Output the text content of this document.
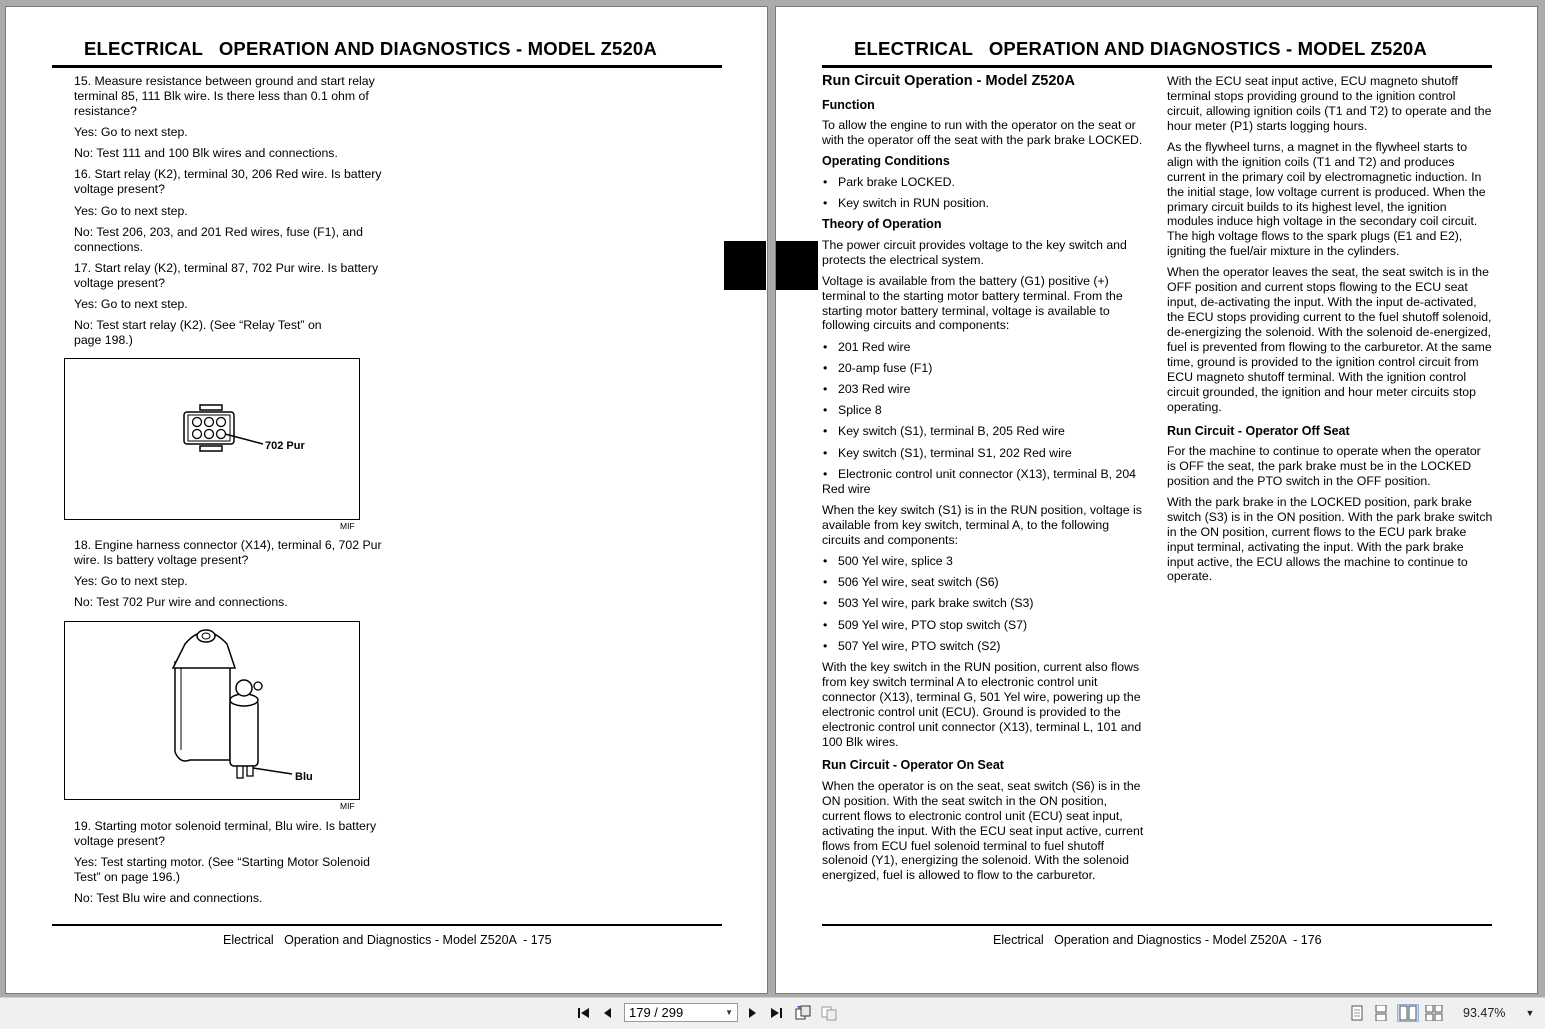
ELECTRICAL   OPERATION AND DIAGNOSTICS - MODEL Z520A

15. Measure resistance between ground and start relay terminal 85, 111 Blk wire. Is there less than 0.1 ohm of resistance?

Yes: Go to next step.

No: Test 111 and 100 Blk wires and connections.

16. Start relay (K2), terminal 30, 206 Red wire. Is battery voltage present?

Yes: Go to next step.

No: Test 206, 203, and 201 Red wires, fuse (F1), and connections.

17. Start relay (K2), terminal 87, 702 Pur wire. Is battery voltage present?

Yes: Go to next step.

No: Test start relay (K2). (See “Relay Test” on page 198.)

702 Pur
MIF

18. Engine harness connector (X14), terminal 6, 702 Pur wire. Is battery voltage present?

Yes: Go to next step.

No: Test 702 Pur wire and connections.

Blu
MIF

19. Starting motor solenoid terminal, Blu wire. Is battery voltage present?

Yes: Test starting motor. (See “Starting Motor Solenoid Test” on page 196.)

No: Test Blu wire and connections.

Electrical   Operation and Diagnostics - Model Z520A  - 175
ELECTRICAL   OPERATION AND DIAGNOSTICS - MODEL Z520A
Run Circuit Operation - Model Z520A
Function

To allow the engine to run with the operator on the seat or with the operator off the seat with the park brake LOCKED.

Operating Conditions
• Park brake LOCKED.
• Key switch in RUN position.
Theory of Operation

The power circuit provides voltage to the key switch and protects the electrical system.

Voltage is available from the battery (G1) positive (+) terminal to the starting motor battery terminal. From the starting motor battery terminal, voltage is available to following circuits and components:

• 201 Red wire
• 20-amp fuse (F1)
• 203 Red wire
• Splice 8
• Key switch (S1), terminal B, 205 Red wire
• Key switch (S1), terminal S1, 202 Red wire
• Electronic control unit connector (X13), terminal B, 204 Red wire

When the key switch (S1) is in the RUN position, voltage is available from key switch, terminal A, to the following circuits and components:

• 500 Yel wire, splice 3
• 506 Yel wire, seat switch (S6)
• 503 Yel wire, park brake switch (S3)
• 509 Yel wire, PTO stop switch (S7)
• 507 Yel wire, PTO switch (S2)

With the key switch in the RUN position, current also flows from key switch terminal A to electronic control unit connector (X13), terminal G, 501 Yel wire, powering up the electronic control unit (ECU). Ground is provided to the electronic control unit connector (X13), terminal L, 101 and 100 Blk wires.

Run Circuit - Operator On Seat

When the operator is on the seat, seat switch (S6) is in the ON position. With the seat switch in the ON position, current flows to electronic control unit (ECU) seat input, activating the input. With the ECU seat input active, current flows from ECU fuel solenoid terminal to fuel shutoff solenoid (Y1), energizing the solenoid. With the solenoid energized, fuel is allowed to flow to the carburetor.

With the ECU seat input active, ECU magneto shutoff terminal stops providing ground to the ignition control circuit, allowing ignition coils (T1 and T2) to operate and the hour meter (P1) starts logging hours.

As the flywheel turns, a magnet in the flywheel starts to align with the ignition coils (T1 and T2) and produces current in the primary coil by electromagnetic induction. In the initial stage, low voltage current is produced. When the primary circuit builds to its highest level, the ignition modules induce high voltage in the secondary coil circuit. The high voltage flows to the spark plugs (E1 and E2), igniting the fuel/air mixture in the cylinders.

When the operator leaves the seat, the seat switch is in the OFF position and current stops flowing to the ECU seat input, de-activating the input. With the input de-activated, the ECU stops providing current to the fuel shutoff solenoid, de-energizing the solenoid. With the solenoid de-energized, fuel is prevented from flowing to the carburetor. At the same time, ground is provided to the ignition control circuit from ECU magneto shutoff terminal. With the ignition control circuit grounded, the ignition and hour meter circuits stop operating.

Run Circuit - Operator Off Seat

For the machine to continue to operate when the operator is OFF the seat, the park brake must be in the LOCKED position and the PTO switch in the OFF position.

With the park brake in the LOCKED position, park brake switch (S3) is in the ON position. With the park brake switch in the ON position, current flows to the ECU park brake input terminal, activating the input. With the park brake input active, the ECU allows the machine to continue to operate.

Electrical   Operation and Diagnostics - Model Z520A  - 176
179 / 299	▼	93.47% ▼
